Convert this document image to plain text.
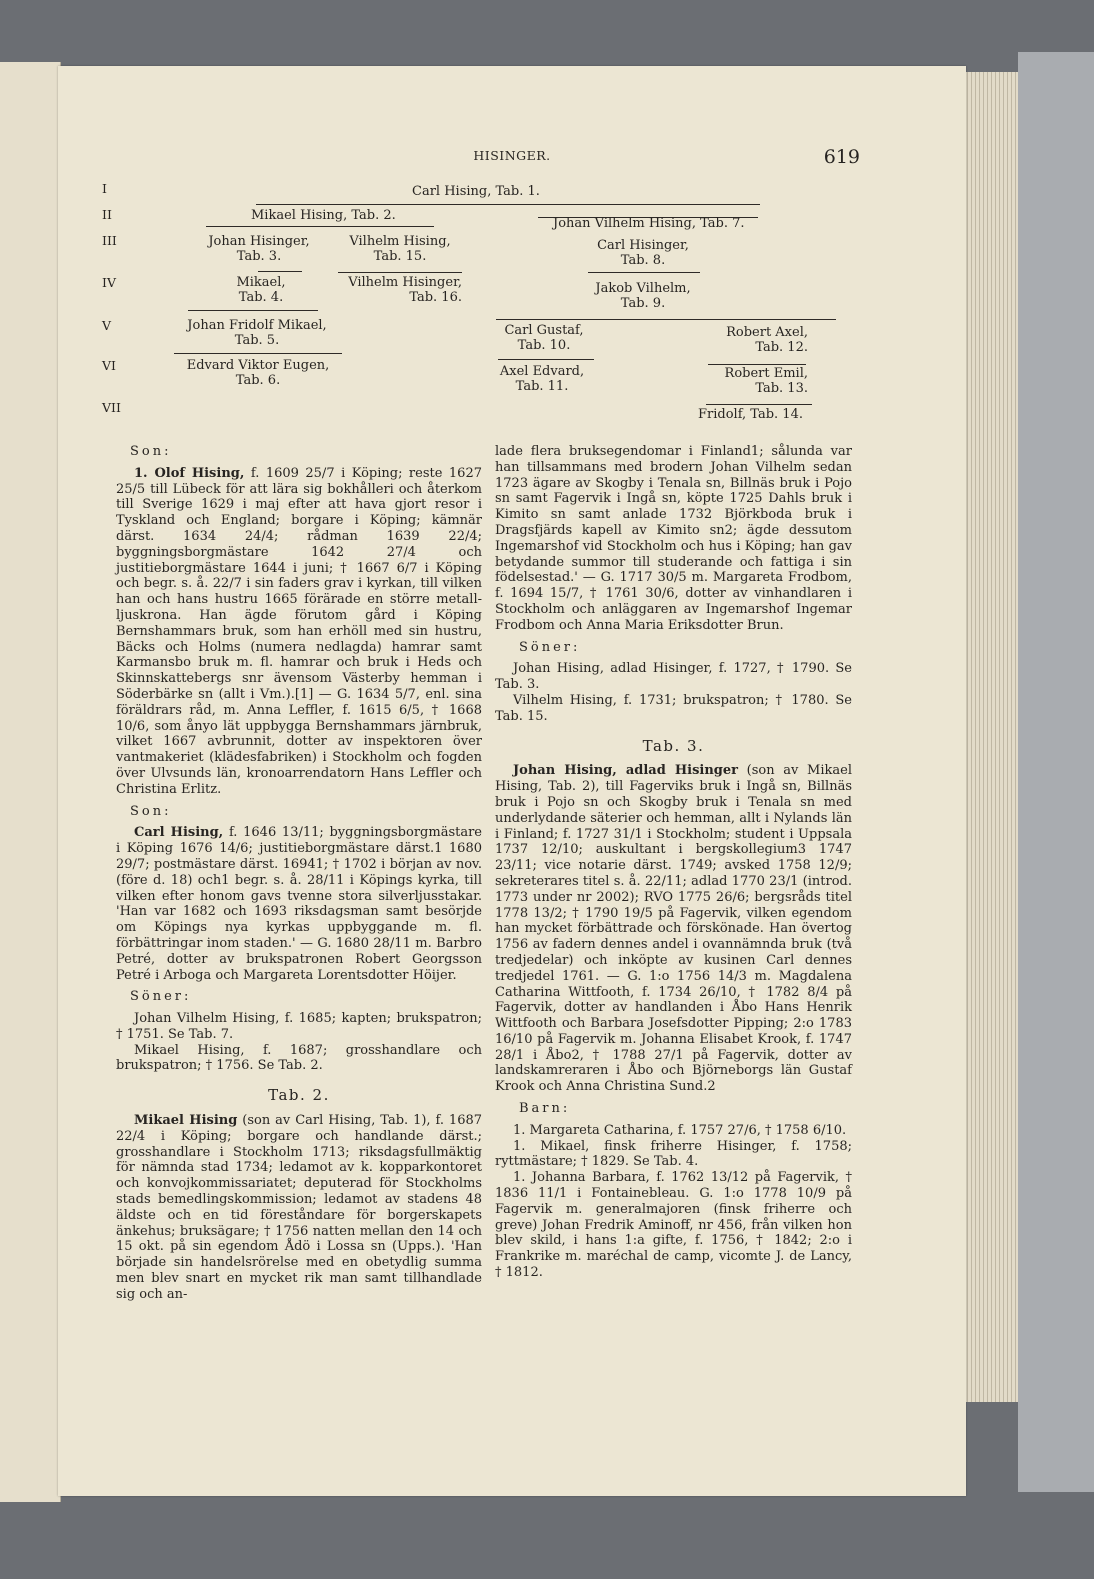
HISINGER.	619
I
II
III
IV
V
VI
VII
Carl Hising, Tab. 1.
Mikael Hising, Tab. 2.
Johan Vilhelm Hising, Tab. 7.
Johan Hisinger,
Tab. 3.
Vilhelm Hising,
Tab. 15.
Carl Hisinger,
Tab. 8.
Mikael,
Tab. 4.
Vilhelm Hisinger,
Tab. 16.
Jakob Vilhelm,
Tab. 9.
Johan Fridolf Mikael,
Tab. 5.
Carl Gustaf,
Tab. 10.
Robert Axel,
Tab. 12.
Edvard Viktor Eugen,
Tab. 6.
Axel Edvard,
Tab. 11.
Robert Emil,
Tab. 13.
Fridolf, Tab. 14.

Son:

1. Olof Hising, f. 1609 25/7 i Köping; reste 1627 25/5 till Lübeck för att lära sig bokhålleri och återkom till Sverige 1629 i maj efter att hava gjort resor i Tyskland och England; borgare i Köping; kämnär därst. 1634 24/4; rådman 1639 22/4; byggningsborgmästare 1642 27/4 och justitieborgmästare 1644 i juni; † 1667 6/7 i Köping och begr. s. å. 22/7 i sin faders grav i kyrkan, till vilken han och hans hustru 1665 förärade en större metall-ljuskrona. Han ägde förutom gård i Köping Bernshammars bruk, som han erhöll med sin hustru, Bäcks och Holms (numera nedlagda) hamrar samt Karmansbo bruk m. fl. hamrar och bruk i Heds och Skinnskattebergs snr ävensom Västerby hemman i Söderbärke sn (allt i Vm.).[1] — G. 1634 5/7, enl. sina föräldrars råd, m. Anna Leffler, f. 1615 6/5, † 1668 10/6, som ånyo lät uppbygga Bernshammars järnbruk, vilket 1667 avbrunnit, dotter av inspektoren över vantmakeriet (klädesfabriken) i Stockholm och fogden över Ulvsunds län, kronoarrendatorn Hans Leffler och Christina Erlitz.

Son:

Carl Hising, f. 1646 13/11; byggningsborgmästare i Köping 1676 14/6; justitieborgmästare därst.1 1680 29/7; postmästare därst. 16941; † 1702 i början av nov. (före d. 18) och1 begr. s. å. 28/11 i Köpings kyrka, till vilken efter honom gavs tvenne stora silverljusstakar. 'Han var 1682 och 1693 riksdagsman samt besörjde om Köpings nya kyrkas uppbyggande m. fl. förbättringar inom staden.' — G. 1680 28/11 m. Barbro Petré, dotter av brukspatronen Robert Georgsson Petré i Arboga och Margareta Lorentsdotter Höijer.

Söner:

Johan Vilhelm Hising, f. 1685; kapten; brukspatron; † 1751. Se Tab. 7.

Mikael Hising, f. 1687; grosshandlare och brukspatron; † 1756. Se Tab. 2.

Tab. 2.

Mikael Hising (son av Carl Hising, Tab. 1), f. 1687 22/4 i Köping; borgare och handlande därst.; grosshandlare i Stockholm 1713; riksdagsfullmäktig för nämnda stad 1734; ledamot av k. kopparkontoret och konvojkommissariatet; deputerad för Stockholms stads bemedlingskommission; ledamot av stadens 48 äldste och en tid föreståndare för borgerskapets änkehus; bruksägare; † 1756 natten mellan den 14 och 15 okt. på sin egendom Ådö i Lossa sn (Upps.). 'Han började sin handelsrörelse med en obetydlig summa men blev snart en mycket rik man samt tillhandlade sig och an-

lade flera bruksegendomar i Finland1; sålunda var han tillsammans med brodern Johan Vilhelm sedan 1723 ägare av Skogby i Tenala sn, Billnäs bruk i Pojo sn samt Fagervik i Ingå sn, köpte 1725 Dahls bruk i Kimito sn samt anlade 1732 Björkboda bruk i Dragsfjärds kapell av Kimito sn2; ägde dessutom Ingemarshof vid Stockholm och hus i Köping; han gav betydande summor till studerande och fattiga i sin födelsestad.' — G. 1717 30/5 m. Margareta Frodbom, f. 1694 15/7, † 1761 30/6, dotter av vinhandlaren i Stockholm och anläggaren av Ingemarshof Ingemar Frodbom och Anna Maria Eriksdotter Brun.

Söner:

Johan Hising, adlad Hisinger, f. 1727, † 1790. Se Tab. 3.

Vilhelm Hising, f. 1731; brukspatron; † 1780. Se Tab. 15.

Tab. 3.

Johan Hising, adlad Hisinger (son av Mikael Hising, Tab. 2), till Fagerviks bruk i Ingå sn, Billnäs bruk i Pojo sn och Skogby bruk i Tenala sn med underlydande säterier och hemman, allt i Nylands län i Finland; f. 1727 31/1 i Stockholm; student i Uppsala 1737 12/10; auskultant i bergskollegium3 1747 23/11; vice notarie därst. 1749; avsked 1758 12/9; sekreterares titel s. å. 22/11; adlad 1770 23/1 (introd. 1773 under nr 2002); RVO 1775 26/6; bergsråds titel 1778 13/2; † 1790 19/5 på Fagervik, vilken egendom han mycket förbättrade och förskönade. Han övertog 1756 av fadern dennes andel i ovannämnda bruk (två tredjedelar) och inköpte av kusinen Carl dennes tredjedel 1761. — G. 1:o 1756 14/3 m. Magdalena Catharina Wittfooth, f. 1734 26/10, † 1782 8/4 på Fagervik, dotter av handlanden i Åbo Hans Henrik Wittfooth och Barbara Josefsdotter Pipping; 2:o 1783 16/10 på Fagervik m. Johanna Elisabet Krook, f. 1747 28/1 i Åbo2, † 1788 27/1 på Fagervik, dotter av landskamreraren i Åbo och Björneborgs län Gustaf Krook och Anna Christina Sund.2

Barn:

1. Margareta Catharina, f. 1757 27/6, † 1758 6/10.

1. Mikael, finsk friherre Hisinger, f. 1758; ryttmästare; † 1829. Se Tab. 4.

1. Johanna Barbara, f. 1762 13/12 på Fagervik, † 1836 11/1 i Fontainebleau. G. 1:o 1778 10/9 på Fagervik m. generalmajoren (finsk friherre och greve) Johan Fredrik Aminoff, nr 456, från vilken hon blev skild, i hans 1:a gifte, f. 1756, † 1842; 2:o i Frankrike m. maréchal de camp, vicomte J. de Lancy, † 1812.
